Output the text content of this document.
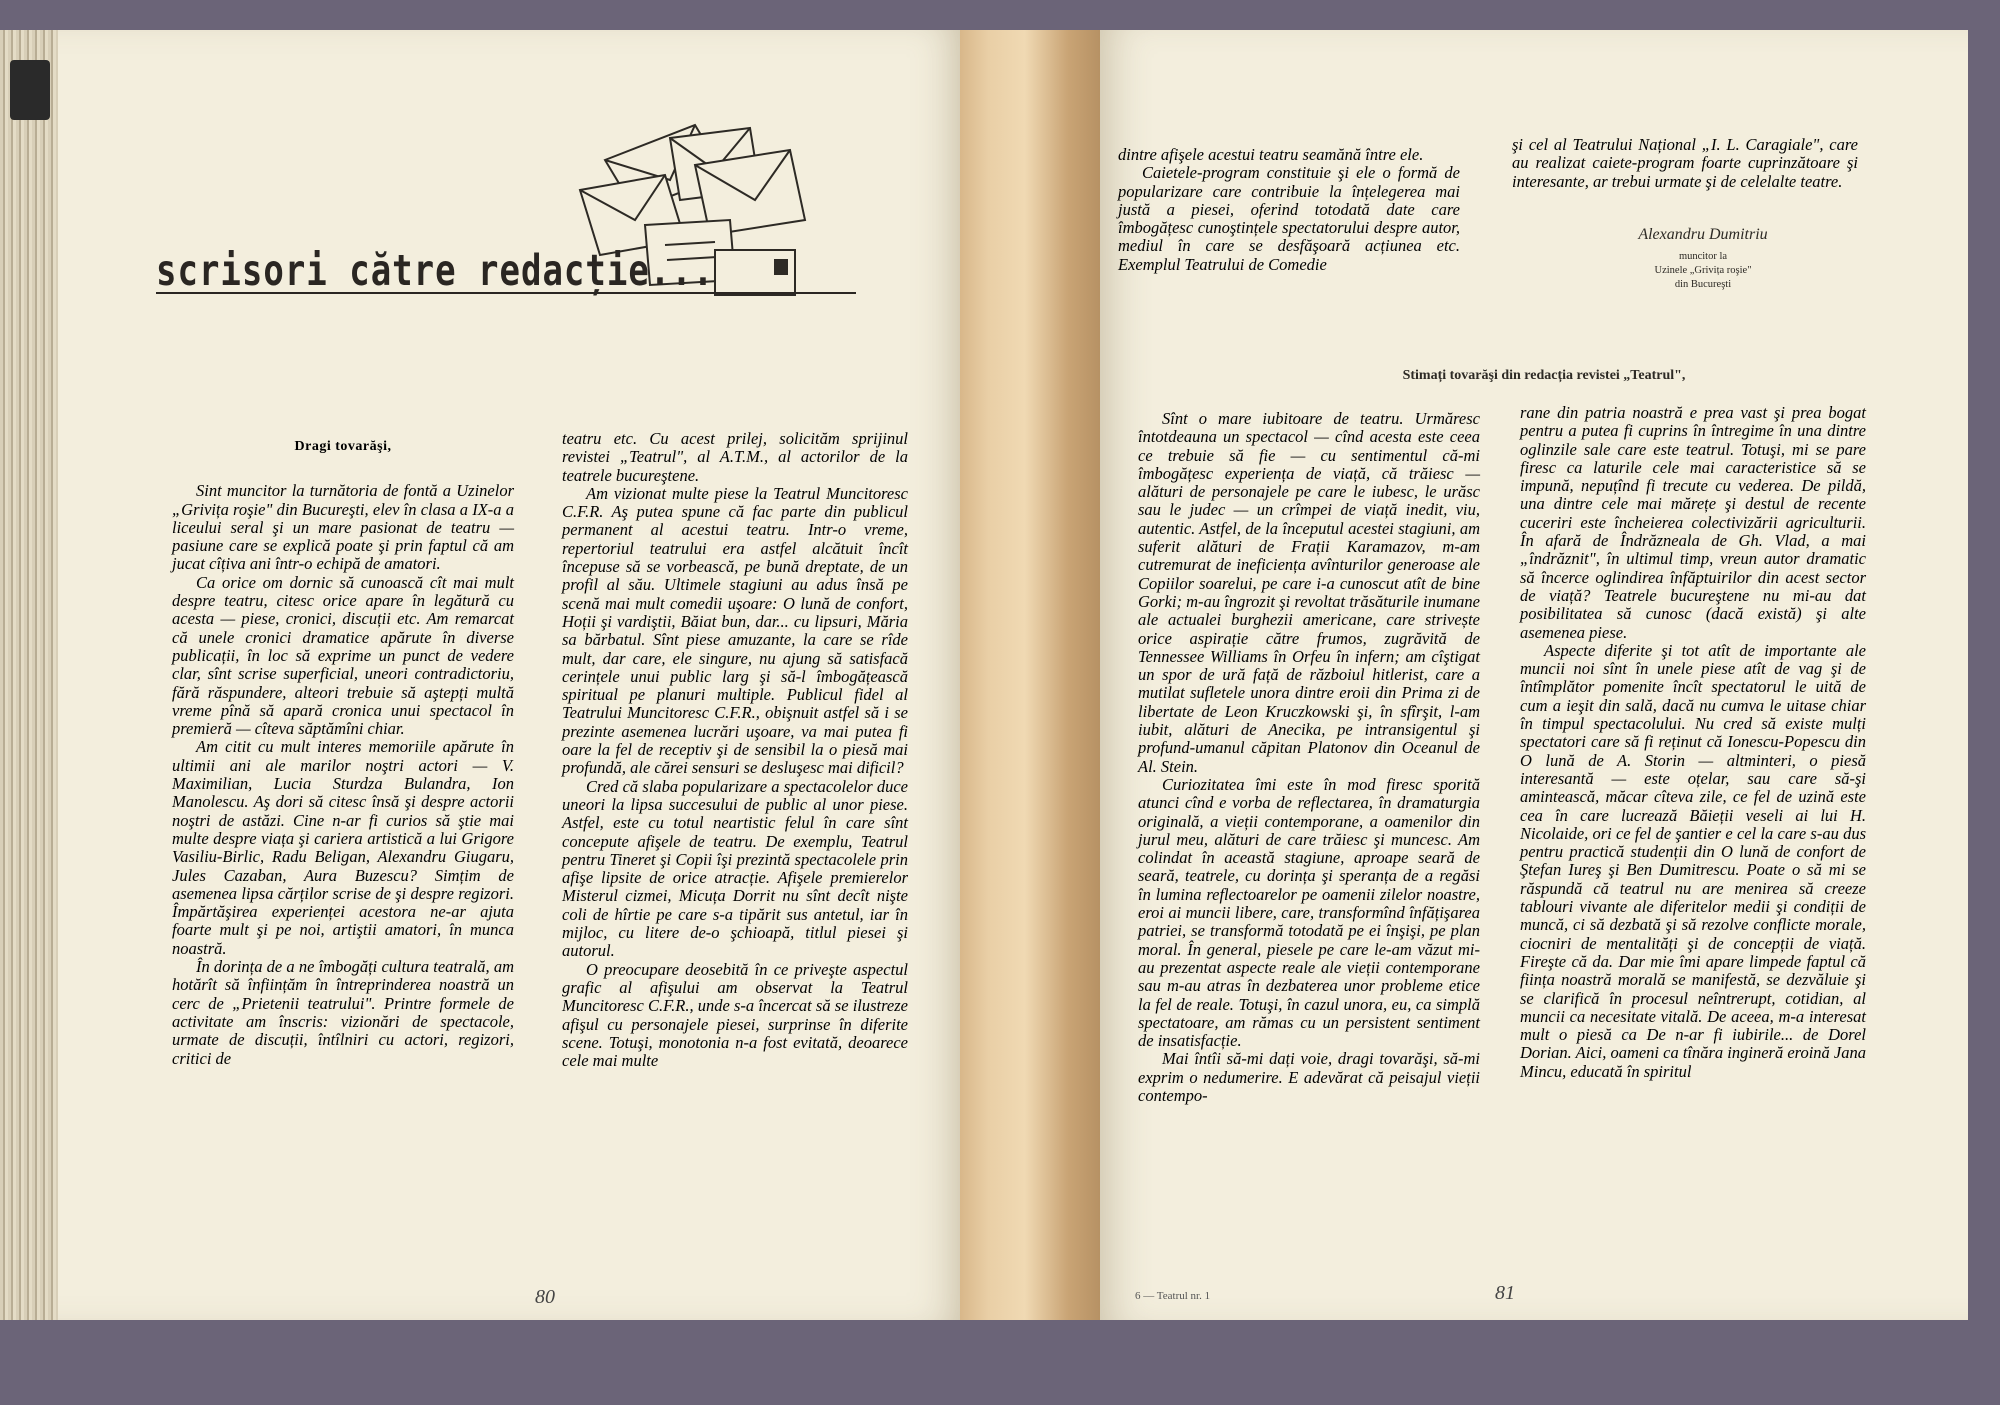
scrisori către redacție...

Dragi tovarăşi,

Sint muncitor la turnătoria de fontă a Uzinelor „Grivița roşie" din Bucureşti, elev în clasa a IX-a a liceului seral şi un mare pasionat de teatru — pasiune care se explică poate şi prin faptul că am jucat cîțiva ani într-o echipă de amatori.

Ca orice om dornic să cunoască cît mai mult despre teatru, citesc orice apare în legătură cu acesta — piese, cronici, discuții etc. Am remarcat că unele cronici dramatice apărute în diverse publicații, în loc să exprime un punct de vedere clar, sînt scrise superficial, uneori contradictoriu, fără răspundere, alteori trebuie să aştepți multă vreme pînă să apară cronica unui spectacol în premieră — cîteva săptămîni chiar.

Am citit cu mult interes memoriile apărute în ultimii ani ale marilor noştri actori — V. Maximilian, Lucia Sturdza Bulandra, Ion Manolescu. Aş dori să citesc însă şi despre actorii noştri de astăzi. Cine n-ar fi curios să ştie mai multe despre viața şi cariera artistică a lui Grigore Vasiliu-Birlic, Radu Beligan, Alexandru Giugaru, Jules Cazaban, Aura Buzescu? Simțim de asemenea lipsa cărților scrise de şi despre regizori. Împărtăşirea experienței acestora ne-ar ajuta foarte mult şi pe noi, artiştii amatori, în munca noastră.

În dorința de a ne îmbogăți cultura teatrală, am hotărît să înființăm în întreprinderea noastră un cerc de „Prietenii teatrului". Printre formele de activitate am înscris: vizionări de spectacole, urmate de discuții, întîlniri cu actori, regizori, critici de

teatru etc. Cu acest prilej, solicităm sprijinul revistei „Teatrul", al A.T.M., al actorilor de la teatrele bucureştene.

Am vizionat multe piese la Teatrul Muncitoresc C.F.R. Aş putea spune că fac parte din publicul permanent al acestui teatru. Intr-o vreme, repertoriul teatrului era astfel alcătuit încît începuse să se vorbească, pe bună dreptate, de un profil al său. Ultimele stagiuni au adus însă pe scenă mai mult comedii uşoare: O lună de confort, Hoții şi vardiştii, Băiat bun, dar... cu lipsuri, Măria sa bărbatul. Sînt piese amuzante, la care se rîde mult, dar care, ele singure, nu ajung să satisfacă cerințele unui public larg şi să-l îmbogățească spiritual pe planuri multiple. Publicul fidel al Teatrului Muncitoresc C.F.R., obişnuit astfel să i se prezinte asemenea lucrări uşoare, va mai putea fi oare la fel de receptiv şi de sensibil la o piesă mai profundă, ale cărei sensuri se desluşesc mai dificil?

Cred că slaba popularizare a spectacolelor duce uneori la lipsa succesului de public al unor piese. Astfel, este cu totul neartistic felul în care sînt concepute afişele de teatru. De exemplu, Teatrul pentru Tineret şi Copii îşi prezintă spectacolele prin afişe lipsite de orice atracție. Afişele premierelor Misterul cizmei, Micuța Dorrit nu sînt decît nişte coli de hîrtie pe care s-a tipărit sus antetul, iar în mijloc, cu litere de-o şchioapă, titlul piesei şi autorul.

O preocupare deosebită în ce priveşte aspectul grafic al afişului am observat la Teatrul Muncitoresc C.F.R., unde s-a încercat să se ilustreze afişul cu personajele piesei, surprinse în diferite scene. Totuşi, monotonia n-a fost evitată, deoarece cele mai multe

80

dintre afişele acestui teatru seamănă între ele.

Caietele-program constituie şi ele o formă de popularizare care contribuie la înțelegerea mai justă a piesei, oferind totodată date care îmbogățesc cunoştințele spectatorului despre autor, mediul în care se desfăşoară acțiunea etc. Exemplul Teatrului de Comedie

şi cel al Teatrului Național „I. L. Caragiale", care au realizat caiete-program foarte cuprinzătoare şi interesante, ar trebui urmate şi de celelalte teatre.

Alexandru Dumitriu
muncitor la
Uzinele „Grivița roşie"
din Bucureşti
Stimați tovarăşi din redacția revistei „Teatrul",

Sînt o mare iubitoare de teatru. Urmăresc întotdeauna un spectacol — cînd acesta este ceea ce trebuie să fie — cu sentimentul că-mi îmbogățesc experiența de viață, că trăiesc — alături de personajele pe care le iubesc, le urăsc sau le judec — un crîmpei de viață inedit, viu, autentic. Astfel, de la începutul acestei stagiuni, am suferit alături de Frații Karamazov, m-am cutremurat de ineficiența avînturilor generoase ale Copiilor soarelui, pe care i-a cunoscut atît de bine Gorki; m-au îngrozit şi revoltat trăsăturile inumane ale actualei burghezii americane, care strivește orice aspirație către frumos, zugrăvită de Tennessee Williams în Orfeu în infern; am cîştigat un spor de ură față de războiul hitlerist, care a mutilat sufletele unora dintre eroii din Prima zi de libertate de Leon Kruczkowski şi, în sfîrşit, l-am iubit, alături de Anecika, pe intransigentul şi profund-umanul căpitan Platonov din Oceanul de Al. Stein.

Curiozitatea îmi este în mod firesc sporită atunci cînd e vorba de reflectarea, în dramaturgia originală, a vieții contemporane, a oamenilor din jurul meu, alături de care trăiesc şi muncesc. Am colindat în această stagiune, aproape seară de seară, teatrele, cu dorința şi speranța de a regăsi în lumina reflectoarelor pe oamenii zilelor noastre, eroi ai muncii libere, care, transformînd înfățişarea patriei, se transformă totodată pe ei înşişi, pe plan moral. În general, piesele pe care le-am văzut mi-au prezentat aspecte reale ale vieții contemporane sau m-au atras în dezbaterea unor probleme etice la fel de reale. Totuşi, în cazul unora, eu, ca simplă spectatoare, am rămas cu un persistent sentiment de insatisfacție.

Mai întîi să-mi dați voie, dragi tovarăşi, să-mi exprim o nedumerire. E adevărat că peisajul vieții contempo-

rane din patria noastră e prea vast şi prea bogat pentru a putea fi cuprins în întregime în una dintre oglinzile sale care este teatrul. Totuşi, mi se pare firesc ca laturile cele mai caracteristice să se impună, nepuțînd fi trecute cu vederea. De pildă, una dintre cele mai mărețe şi destul de recente cuceriri este încheierea colectivizării agriculturii. În afară de Îndrăzneala de Gh. Vlad, a mai „îndrăznit", în ultimul timp, vreun autor dramatic să încerce oglindirea înfăptuirilor din acest sector de viață? Teatrele bucureştene nu mi-au dat posibilitatea să cunosc (dacă există) şi alte asemenea piese.

Aspecte diferite şi tot atît de importante ale muncii noi sînt în unele piese atît de vag şi de întîmplător pomenite încît spectatorul le uită de cum a ieşit din sală, dacă nu cumva le uitase chiar în timpul spectacolului. Nu cred să existe mulți spectatori care să fi reținut că Ionescu-Popescu din O lună de A. Storin — altminteri, o piesă interesantă — este oțelar, sau care să-şi amintească, măcar cîteva zile, ce fel de uzină este cea în care lucrează Băieții veseli ai lui H. Nicolaide, ori ce fel de şantier e cel la care s-au dus pentru practică studenții din O lună de confort de Ştefan Iureş şi Ben Dumitrescu. Poate o să mi se răspundă că teatrul nu are menirea să creeze tablouri vivante ale diferitelor medii şi condiții de muncă, ci să dezbată şi să rezolve conflicte morale, ciocniri de mentalități şi de concepții de viață. Fireşte că da. Dar mie îmi apare limpede faptul că ființa noastră morală se manifestă, se dezvăluie şi se clarifică în procesul neîntrerupt, cotidian, al muncii ca necesitate vitală. De aceea, m-a interesat mult o piesă ca De n-ar fi iubirile... de Dorel Dorian. Aici, oameni ca tînăra ingineră eroină Jana Mincu, educată în spiritul

6 — Teatrul nr. 1	81
